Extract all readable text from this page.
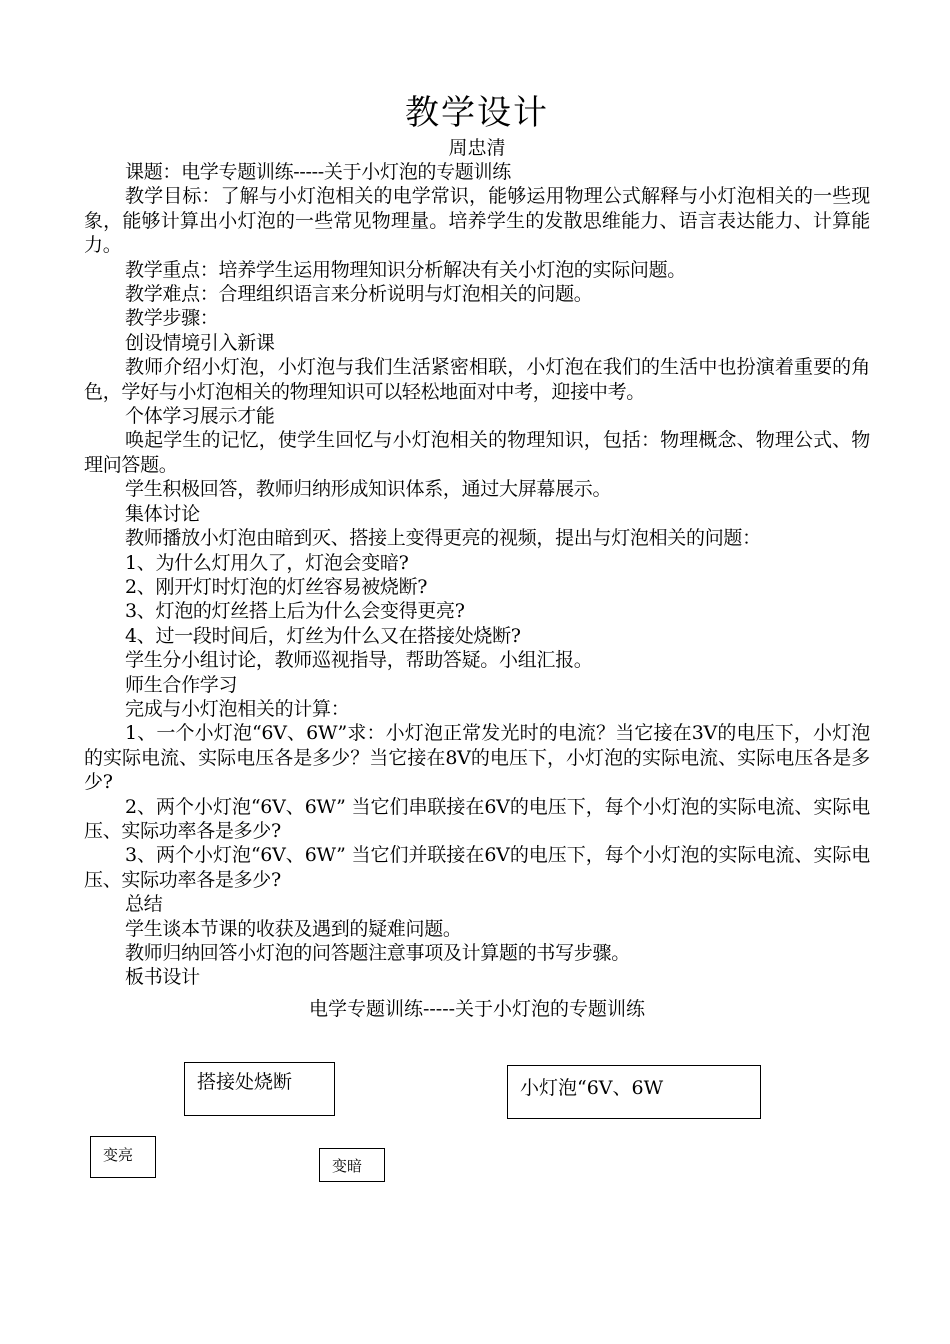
教学设计

周忠清

课题：电学专题训练-----关于小灯泡的专题训练

教学目标：了解与小灯泡相关的电学常识，能够运用物理公式解释与小灯泡相关的一些现象，能够计算出小灯泡的一些常见物理量。培养学生的发散思维能力、语言表达能力、计算能力。

教学重点：培养学生运用物理知识分析解决有关小灯泡的实际问题。

教学难点：合理组织语言来分析说明与灯泡相关的问题。

教学步骤：

创设情境引入新课

教师介绍小灯泡，小灯泡与我们生活紧密相联，小灯泡在我们的生活中也扮演着重要的角色，学好与小灯泡相关的物理知识可以轻松地面对中考，迎接中考。

个体学习展示才能

唤起学生的记忆，使学生回忆与小灯泡相关的物理知识，包括：物理概念、物理公式、物理问答题。

学生积极回答，教师归纳形成知识体系，通过大屏幕展示。

集体讨论

教师播放小灯泡由暗到灭、搭接上变得更亮的视频，提出与灯泡相关的问题：

1、为什么灯用久了，灯泡会变暗?

2、刚开灯时灯泡的灯丝容易被烧断?

3、灯泡的灯丝搭上后为什么会变得更亮?

4、过一段时间后，灯丝为什么又在搭接处烧断?

学生分小组讨论，教师巡视指导，帮助答疑。小组汇报。

师生合作学习

完成与小灯泡相关的计算：

1、一个小灯泡“6V、6W”求：小灯泡正常发光时的电流？当它接在3V的电压下，小灯泡的实际电流、实际电压各是多少？当它接在8V的电压下，小灯泡的实际电流、实际电压各是多少?

2、两个小灯泡“6V、6W” 当它们串联接在6V的电压下，每个小灯泡的实际电流、实际电压、实际功率各是多少?

3、两个小灯泡“6V、6W” 当它们并联接在6V的电压下，每个小灯泡的实际电流、实际电压、实际功率各是多少?

总结

学生谈本节课的收获及遇到的疑难问题。

教师归纳回答小灯泡的问答题注意事项及计算题的书写步骤。

板书设计

电学专题训练-----关于小灯泡的专题训练

搭接处烧断	小灯泡“6V、6W
变亮
变暗
